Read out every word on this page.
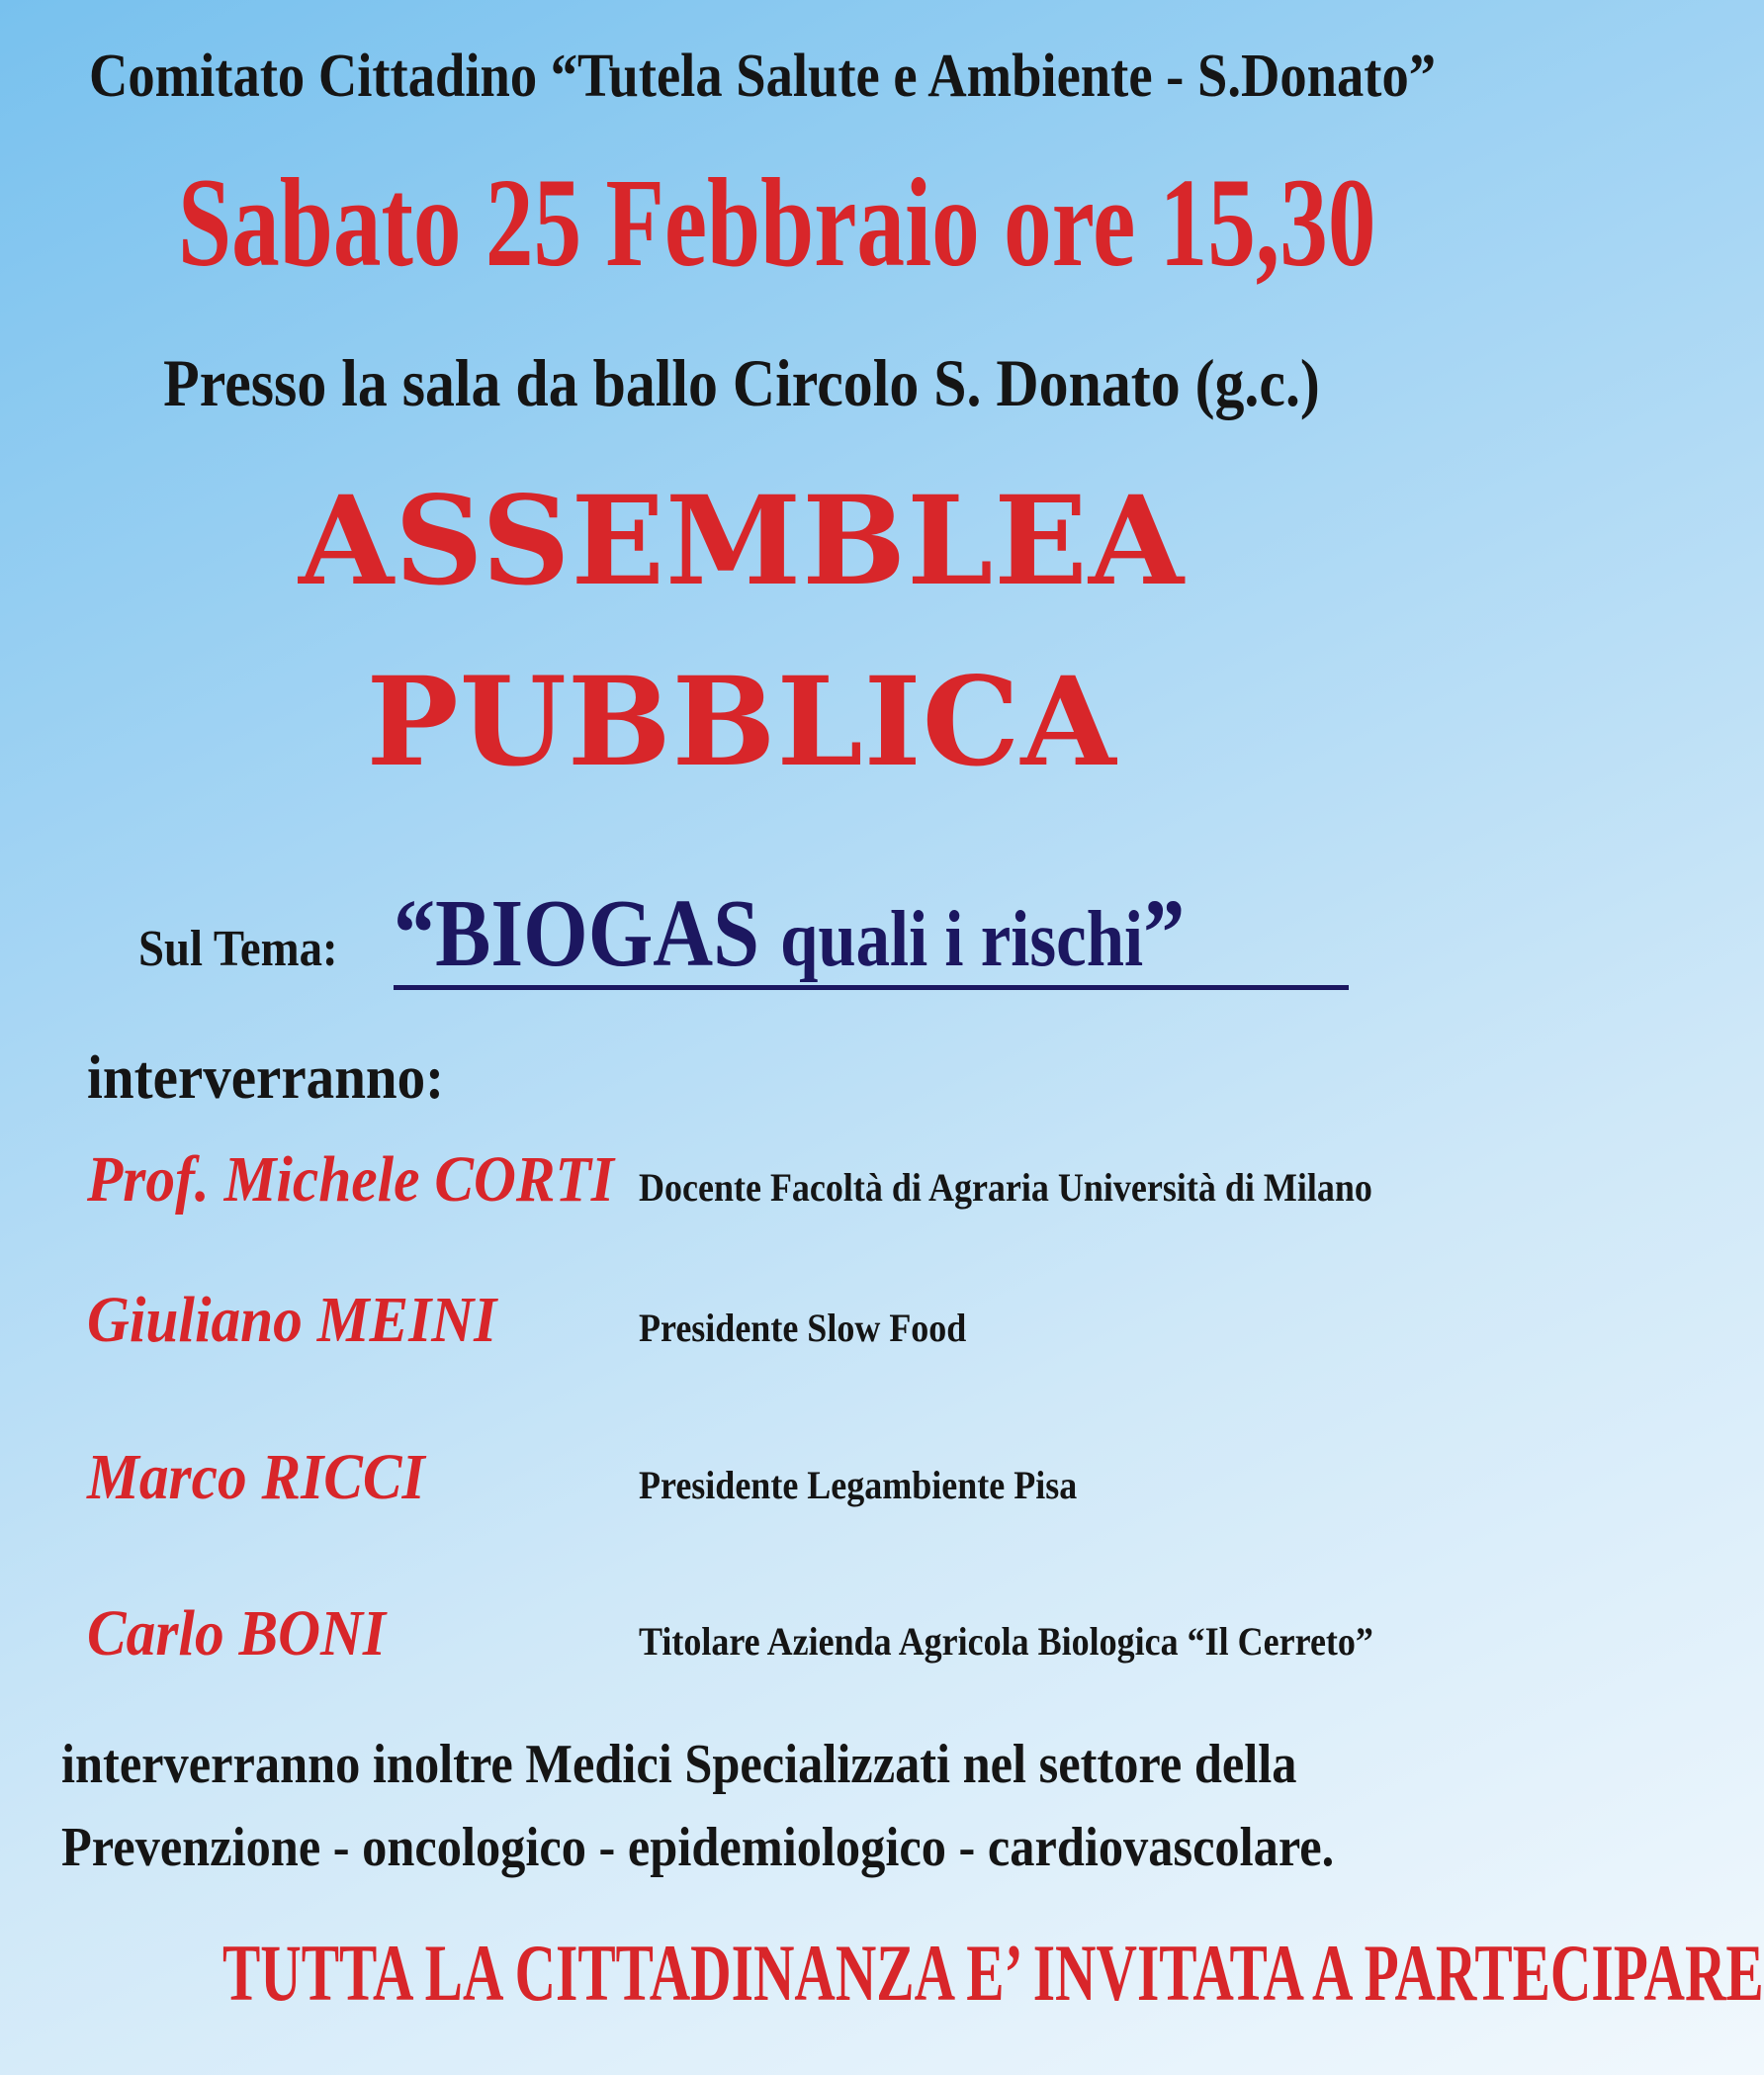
Comitato Cittadino “Tutela Salute e Ambiente - S.Donato”
Sabato 25 Febbraio ore 15,30
Presso la sala da ballo Circolo S. Donato (g.c.)
ASSEMBLEA
PUBBLICA
Sul Tema: “BIOGAS quali i rischi”
interverranno:
Prof. Michele CORTI Docente Facoltà di Agraria Università di Milano
Giuliano MEINI	Presidente Slow Food
Marco RICCI	Presidente Legambiente Pisa
Carlo BONI	Titolare Azienda Agricola Biologica “Il Cerreto”
interverranno inoltre Medici Specializzati nel settore della
Prevenzione - oncologico - epidemiologico - cardiovascolare.
TUTTA LA CITTADINANZA E’ INVITATA A PARTECIPARE
